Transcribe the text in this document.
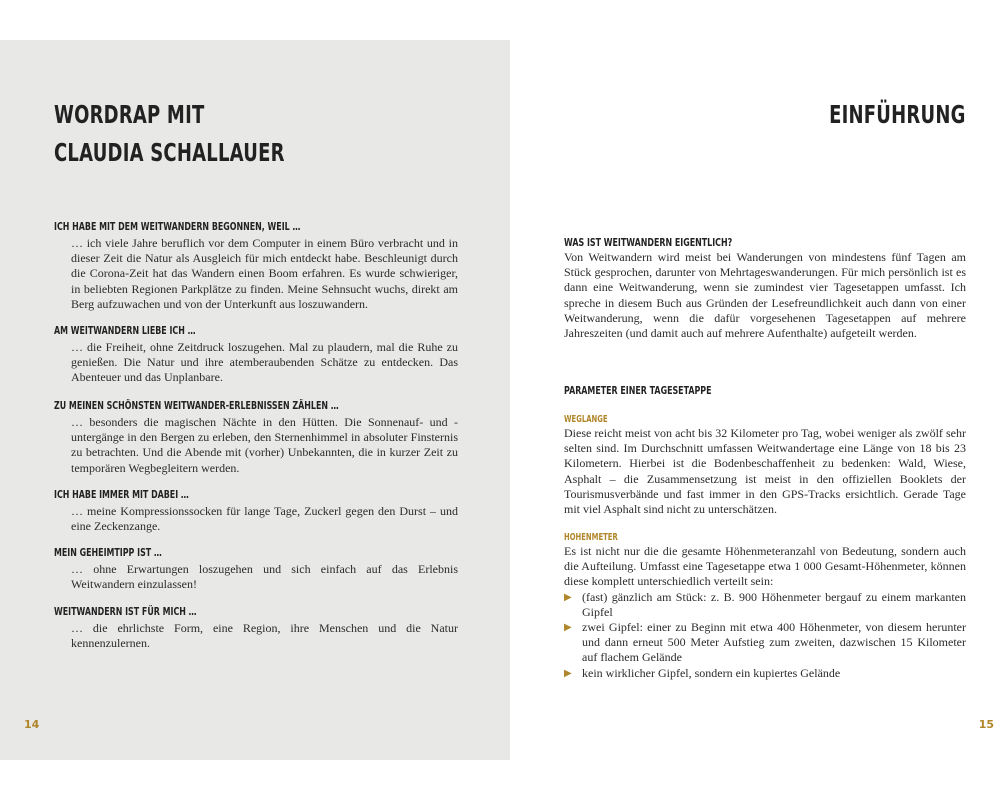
WORDRAP MIT
CLAUDIA SCHALLAUER
ICH HABE MIT DEM WEITWANDERN BEGONNEN, WEIL …

… ich viele Jahre beruflich vor dem Computer in einem Büro verbracht und in dieser Zeit die Natur als Ausgleich für mich entdeckt habe. Beschleunigt durch die Corona-Zeit hat das Wandern einen Boom erfahren. Es wurde schwieriger, in beliebten Regionen Parkplätze zu finden. Meine Sehnsucht wuchs, direkt am Berg aufzuwachen und von der Unterkunft aus loszuwandern.

AM WEITWANDERN LIEBE ICH …

… die Freiheit, ohne Zeitdruck loszugehen. Mal zu plaudern, mal die Ruhe zu genießen. Die Natur und ihre atemberaubenden Schätze zu entdecken. Das Abenteuer und das Unplanbare.

ZU MEINEN SCHÖNSTEN WEITWANDER-ERLEBNISSEN ZÄHLEN …

… besonders die magischen Nächte in den Hütten. Die Sonnenauf- und -untergänge in den Bergen zu erleben, den Sternenhimmel in absoluter Finsternis zu betrachten. Und die Abende mit (vorher) Unbekannten, die in kurzer Zeit zu temporären Wegbegleitern werden.

ICH HABE IMMER MIT DABEI …

… meine Kompressionssocken für lange Tage, Zuckerl gegen den Durst – und eine Zeckenzange.

MEIN GEHEIMTIPP IST …

… ohne Erwartungen loszugehen und sich einfach auf das Erlebnis Weitwandern einzulassen!

WEITWANDERN IST FÜR MICH …

… die ehrlichste Form, eine Region, ihre Menschen und die Natur kennenzulernen.

14
EINFÜHRUNG
WAS IST WEITWANDERN EIGENTLICH?

Von Weitwandern wird meist bei Wanderungen von mindestens fünf Tagen am Stück gesprochen, darunter von Mehrtageswanderungen. Für mich persönlich ist es dann eine Weitwanderung, wenn sie zumindest vier Tagesetappen umfasst. Ich spreche in diesem Buch aus Gründen der Lesefreundlichkeit auch dann von einer Weitwanderung, wenn die dafür vorgesehenen Tagesetappen auf mehrere Jahreszeiten (und damit auch auf mehrere Aufenthalte) aufgeteilt werden.

PARAMETER EINER TAGESETAPPE
WEGLÄNGE

Diese reicht meist von acht bis 32 Kilometer pro Tag, wobei weniger als zwölf sehr selten sind. Im Durchschnitt umfassen Weitwandertage eine Länge von 18 bis 23 Kilometern. Hierbei ist die Bodenbeschaffenheit zu bedenken: Wald, Wiese, Asphalt – die Zusammensetzung ist meist in den offiziellen Booklets der Tourismusverbände und fast immer in den GPS-Tracks ersichtlich. Gerade Tage mit viel Asphalt sind nicht zu unterschätzen.

HÖHENMETER

Es ist nicht nur die die gesamte Höhenmeteranzahl von Bedeutung, sondern auch die Aufteilung. Umfasst eine Tagesetappe etwa 1 000 Gesamt-Höhenmeter, können diese komplett unterschiedlich verteilt sein:

▶ (fast) gänzlich am Stück: z. B. 900 Höhenmeter bergauf zu einem markanten Gipfel
▶ zwei Gipfel: einer zu Beginn mit etwa 400 Höhenmeter, von diesem herunter und dann erneut 500 Meter Aufstieg zum zweiten, dazwischen 15 Kilometer auf flachem Gelände
▶ kein wirklicher Gipfel, sondern ein kupiertes Gelände
15
